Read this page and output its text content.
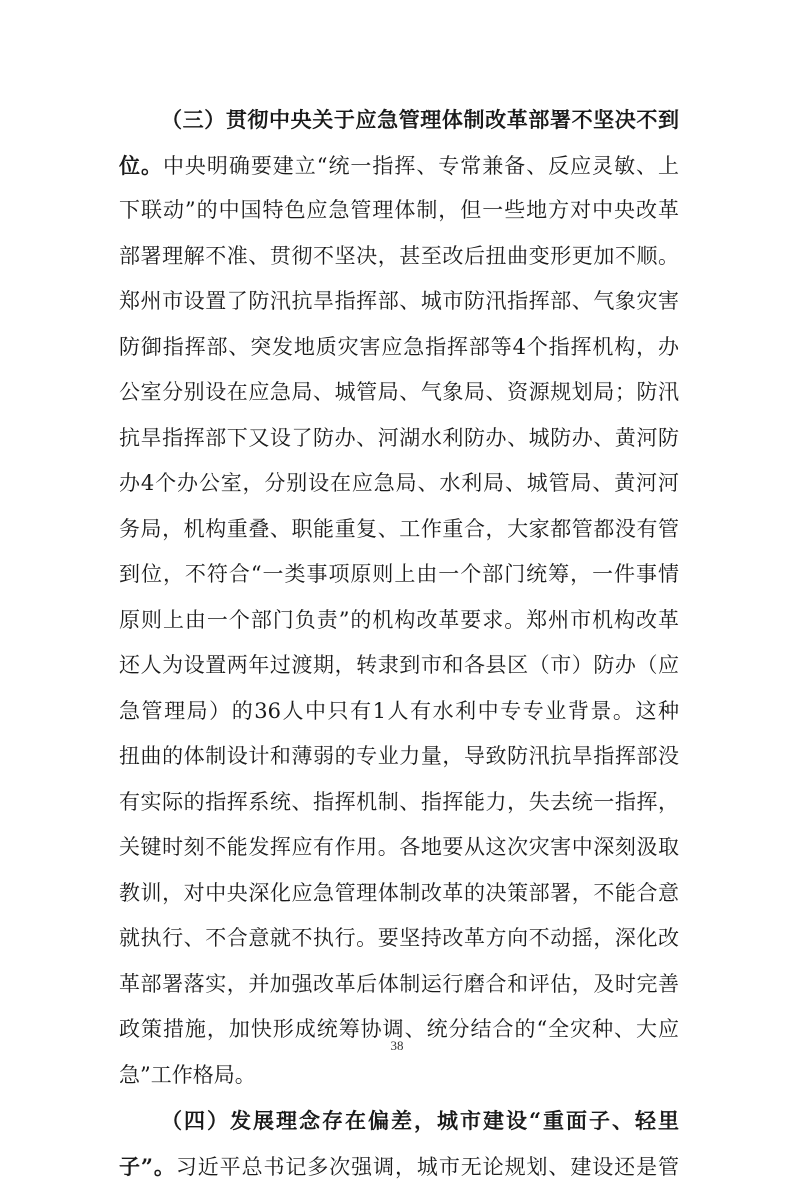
（三）贯彻中央关于应急管理体制改革部署不坚决不到
位。中央明确要建立“统一指挥、专常兼备、反应灵敏、上
下联动”的中国特色应急管理体制，但一些地方对中央改革
部署理解不准、贯彻不坚决，甚至改后扭曲变形更加不顺。
郑州市设置了防汛抗旱指挥部、城市防汛指挥部、气象灾害
防御指挥部、突发地质灾害应急指挥部等4个指挥机构，办
公室分别设在应急局、城管局、气象局、资源规划局；防汛
抗旱指挥部下又设了防办、河湖水利防办、城防办、黄河防
办4个办公室，分别设在应急局、水利局、城管局、黄河河
务局，机构重叠、职能重复、工作重合，大家都管都没有管
到位，不符合“一类事项原则上由一个部门统筹，一件事情
原则上由一个部门负责”的机构改革要求。郑州市机构改革
还人为设置两年过渡期，转隶到市和各县区（市）防办（应
急管理局）的36人中只有1人有水利中专专业背景。这种
扭曲的体制设计和薄弱的专业力量，导致防汛抗旱指挥部没
有实际的指挥系统、指挥机制、指挥能力，失去统一指挥，
关键时刻不能发挥应有作用。各地要从这次灾害中深刻汲取
教训，对中央深化应急管理体制改革的决策部署，不能合意
就执行、不合意就不执行。要坚持改革方向不动摇，深化改
革部署落实，并加强改革后体制运行磨合和评估，及时完善
政策措施，加快形成统筹协调、统分结合的“全灾种、大应
急”工作格局。
（四）发展理念存在偏差，城市建设“重面子、轻里
子”。习近平总书记多次强调，城市无论规划、建设还是管
38
